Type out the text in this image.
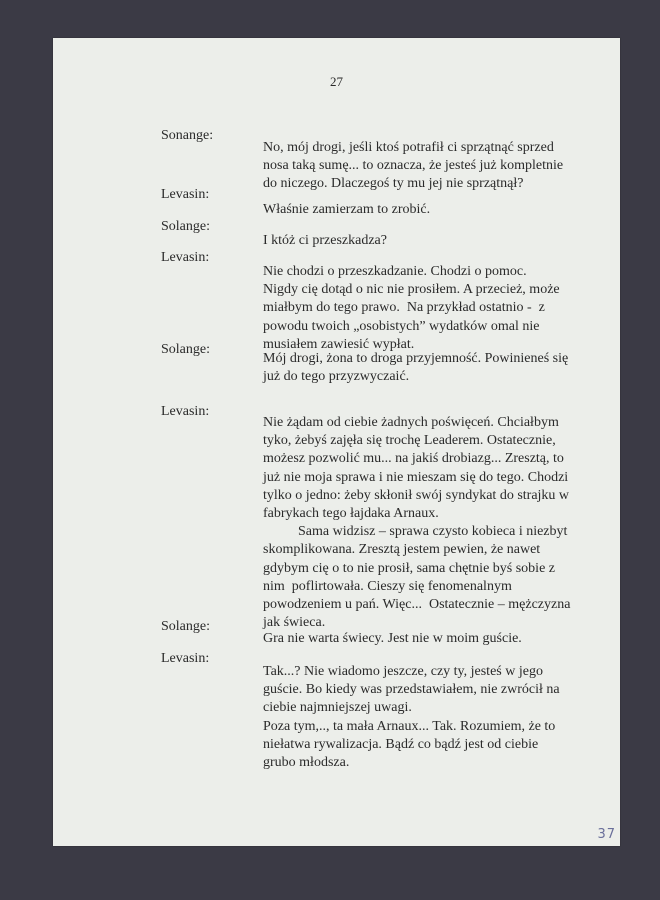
27
Sonange:
No, mój drogi, jeśli ktoś potrafił ci sprzątnąć sprzed
nosa taką sumę... to oznacza, że jesteś już kompletnie
do niczego. Dlaczegoś ty mu jej nie sprzątnął?
Levasin:
Właśnie zamierzam to zrobić.
Solange:
I któż ci przeszkadza?
Levasin:
Nie chodzi o przeszkadzanie. Chodzi o pomoc.
Nigdy cię dotąd o nic nie prosiłem. A przecież, może
miałbym do tego prawo.  Na przykład ostatnio -  z
powodu twoich „osobistych” wydatków omal nie
musiałem zawiesić wypłat.
Solange:
Mój drogi, żona to droga przyjemność. Powinieneś się
już do tego przyzwyczaić.
Levasin:
Nie żądam od ciebie żadnych poświęceń. Chciałbym
tyko, żebyś zajęła się trochę Leaderem. Ostatecznie,
możesz pozwolić mu... na jakiś drobiazg... Zresztą, to
już nie moja sprawa i nie mieszam się do tego. Chodzi
tylko o jedno: żeby skłonił swój syndykat do strajku w
fabrykach tego łajdaka Arnaux.
Sama widzisz – sprawa czysto kobieca i niezbyt
skomplikowana. Zresztą jestem pewien, że nawet
gdybym cię o to nie prosił, sama chętnie byś sobie z
nim  poflirtowała. Cieszy się fenomenalnym
powodzeniem u pań. Więc...  Ostatecznie – mężczyzna
jak świeca.
Solange:
Gra nie warta świecy. Jest nie w moim guście.
Levasin:
Tak...? Nie wiadomo jeszcze, czy ty, jesteś w jego
guście. Bo kiedy was przedstawiałem, nie zwrócił na
ciebie najmniejszej uwagi.
Poza tym,.., ta mała Arnaux... Tak. Rozumiem, że to
niełatwa rywalizacja. Bądź co bądź jest od ciebie
grubo młodsza.
37
